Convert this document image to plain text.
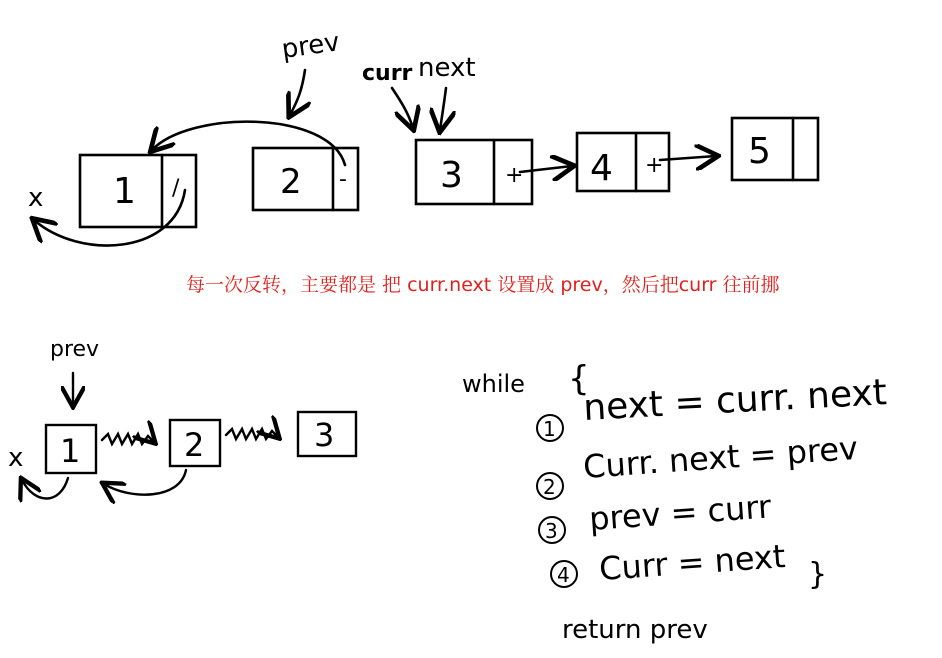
prev
curr next
x 1	2	3	4	5
/	-	+	+
prev
x 1	2	3
while {
1
2
3
4
next = curr. next
Curr. next = prev
prev = curr
Curr = next }
return prev
每一次反转，主要都是 把 curr.next 设置成 prev，然后把curr 往前挪
